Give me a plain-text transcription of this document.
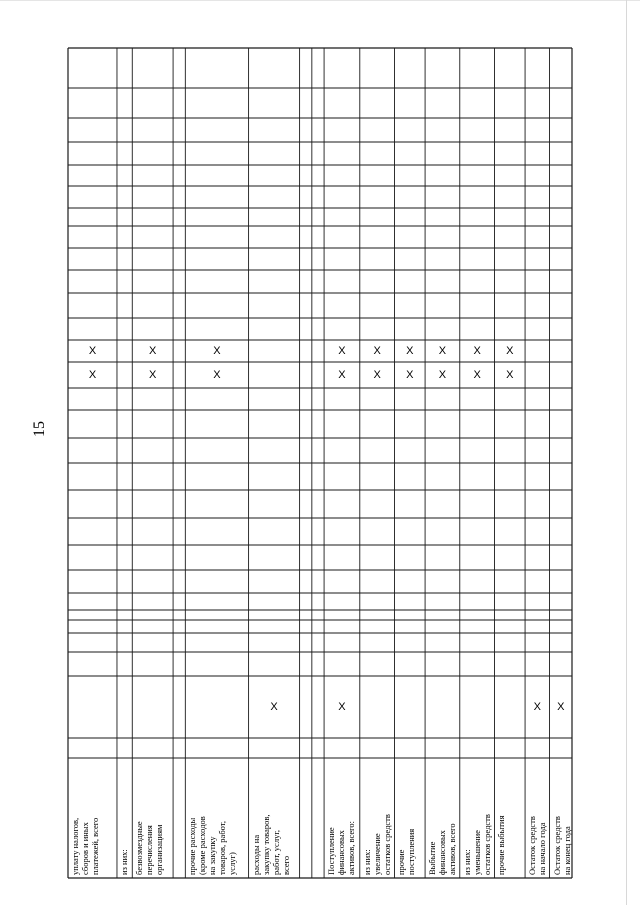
15
уплату налогов, сборов и иных платежей, всего
X
X
из них: безвозмездные перечисления организациям
X
X
прочие расходы (кроме расходов на закупку товаров, работ, услуг)
X
X
расходы на закупку товаров, работ, услуг, всего
X
Поступление финансовых активов, всего:
X
X
X
из них: увеличение остатков средств
X
X
прочие поступления
X
X
Выбытие финансовых активов, всего
X
X
из них: уменьшение остатков средств
X
X
прочие выбытия
X
X
Остаток средств на начало года
X
Остаток средств на конец года
X
